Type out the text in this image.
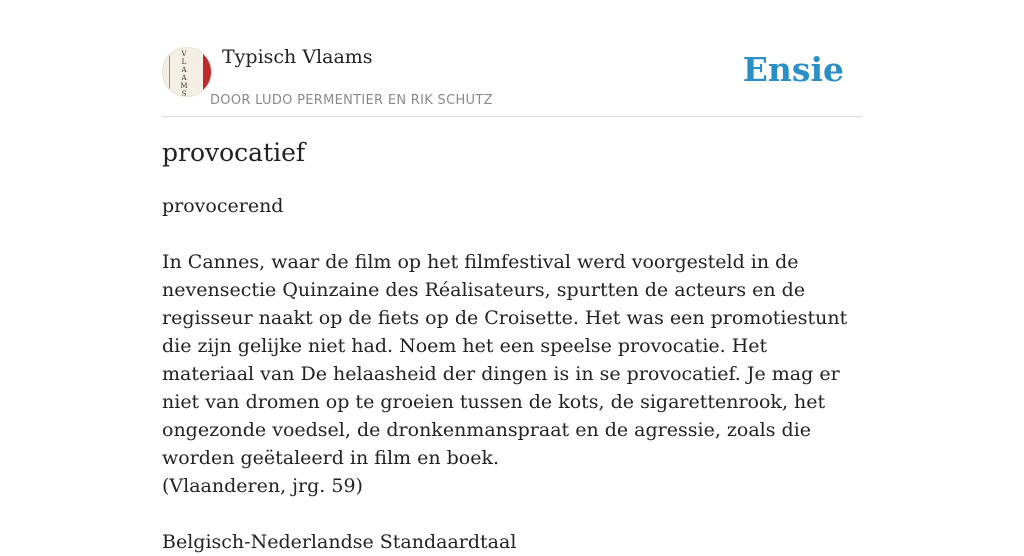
V
L
A
A
M
S
Typisch Vlaams
DOOR LUDO PERMENTIER EN RIK SCHUTZ
Ensie
provocatief

provocerend

In Cannes, waar de film op het filmfestival werd voorgesteld in de nevensectie Quinzaine des Réalisateurs, spurtten de acteurs en de regisseur naakt op de fiets op de Croisette. Het was een promotiestunt die zijn gelijke niet had. Noem het een speelse provocatie. Het materiaal van De helaasheid der dingen is in se provocatief. Je mag er niet van dromen op te groeien tussen de kots, de sigarettenrook, het ongezonde voedsel, de dronkenmanspraat en de agressie, zoals die worden geëtaleerd in film en boek.

(Vlaanderen, jrg. 59)

Belgisch-Nederlandse Standaardtaal
